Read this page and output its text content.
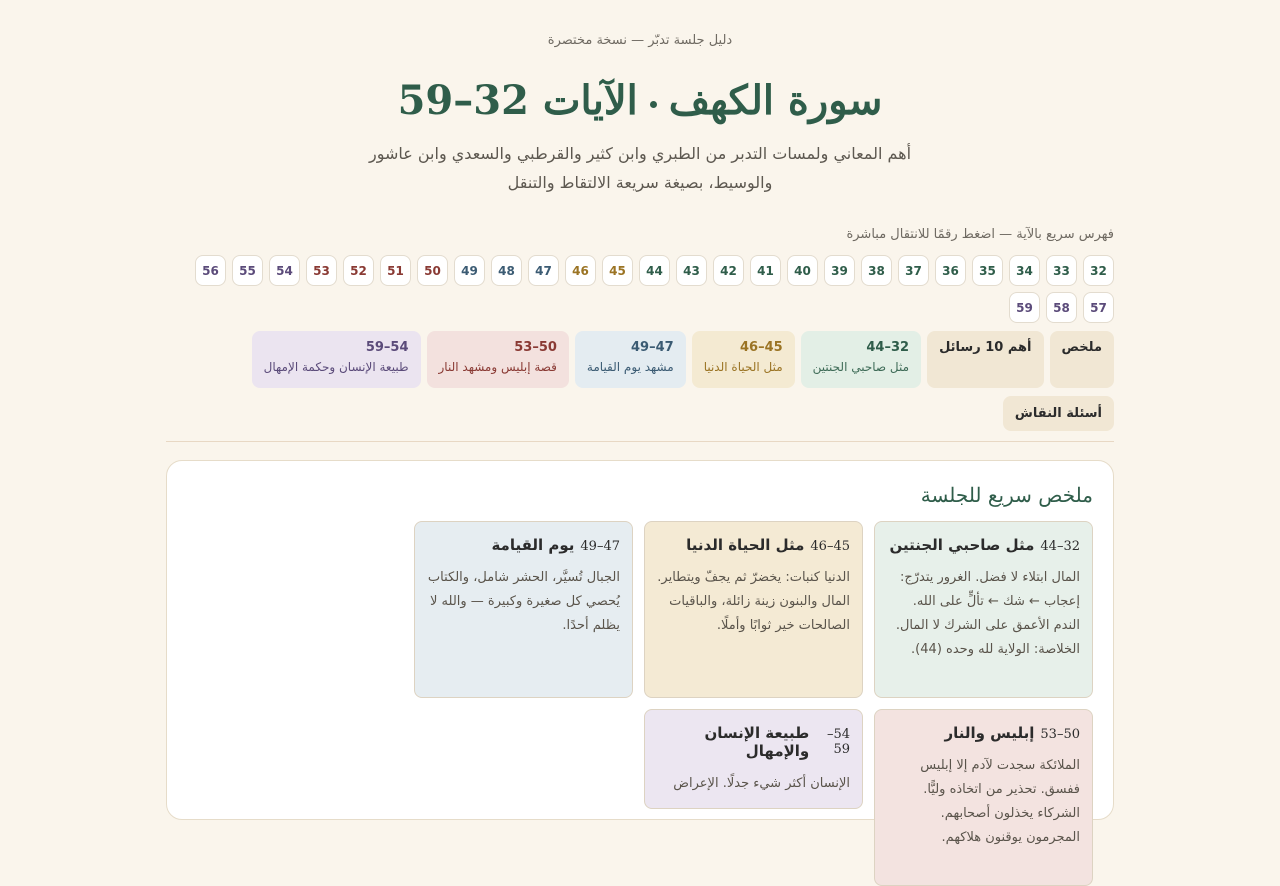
دليل جلسة تدبّر — نسخة مختصرة
سورة الكهفالآيات 32–59
أهم المعاني ولمسات التدبر من الطبري وابن كثير والقرطبي والسعدي وابن عاشور والوسيط، بصيغة سريعة الالتقاط والتنقل
فهرس سريع بالآية — اضغط رقمًا للانتقال مباشرة
32
33
34
35
36
37
38
39
40
41
42
43
44
45
46
47
48
49
50
51
52
53
54
55
56
57
58
59
ملخص
أهم 10 رسائل
32–44
مثل صاحبي الجنتين
45–46
مثل الحياة الدنيا
47–49
مشهد يوم القيامة
50–53
قصة إبليس ومشهد النار
54–59
طبيعة الإنسان وحكمة الإمهال
أسئلة النقاش
ملخص سريع للجلسة
32–44
مثل صاحبي الجنتين
المال ابتلاء لا فضل. الغرور يتدرّج: إعجاب ← شك ← تألٍّ على الله. الندم الأعمق على الشرك لا المال. الخلاصة: الولاية لله وحده (44).
45–46
مثل الحياة الدنيا
الدنيا كنبات: يخضرّ ثم يجفّ ويتطاير. المال والبنون زينة زائلة، والباقيات الصالحات خير ثوابًا وأملًا.
47–49
يوم القيامة
الجبال تُسيَّر، الحشر شامل، والكتاب يُحصي كل صغيرة وكبيرة — والله لا يظلم أحدًا.
50–53
إبليس والنار
الملائكة سجدت لآدم إلا إبليس ففسق. تحذير من اتخاذه وليًّا. الشركاء يخذلون أصحابهم. المجرمون يوقنون هلاكهم.
54–59
طبيعة الإنسان والإمهال
الإنسان أكثر شيء جدلًا. الإعراض
